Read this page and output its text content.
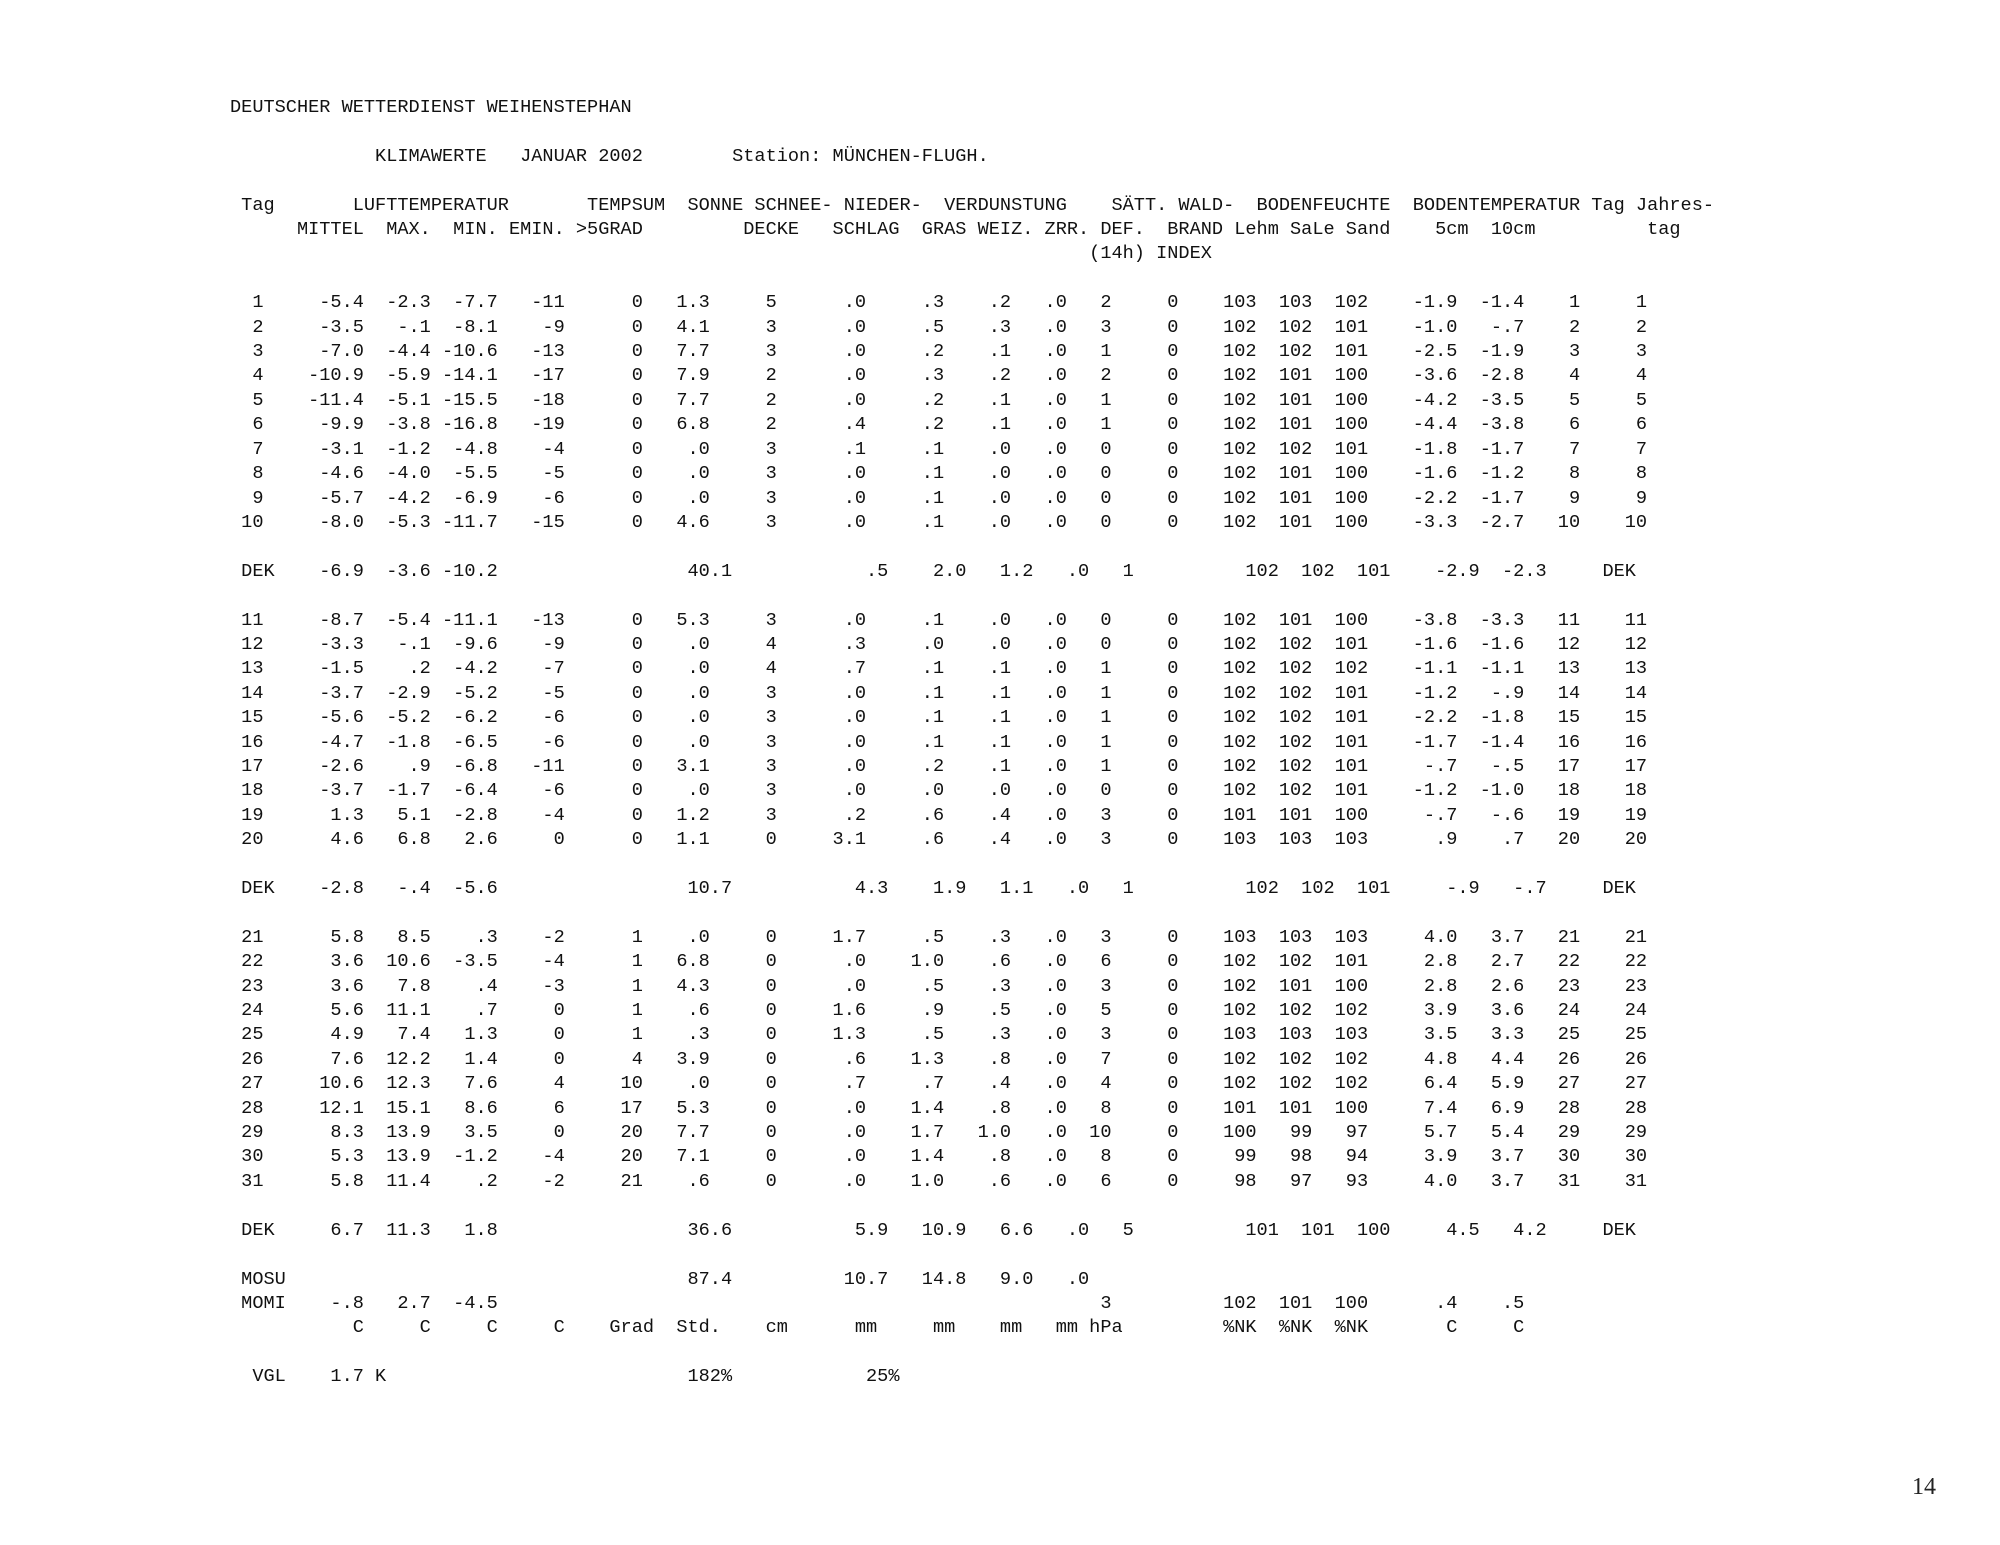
DEUTSCHER WETTERDIENST WEIHENSTEPHAN

KLIMAWERTE   JANUAR 2002        Station: MÜNCHEN-FLUGH.

Tag       LUFTTEMPERATUR       TEMPSUM  SONNE SCHNEE- NIEDER-  VERDUNSTUNG    SÄTT. WALD-  BODENFEUCHTE  BODENTEMPERATUR Tag Jahres-
MITTEL  MAX.  MIN. EMIN. >5GRAD         DECKE   SCHLAG  GRAS WEIZ. ZRR. DEF.  BRAND Lehm SaLe Sand    5cm  10cm          tag
(14h) INDEX

1     -5.4  -2.3  -7.7   -11      0   1.3     5      .0     .3    .2   .0   2     0    103  103  102    -1.9  -1.4    1     1
2     -3.5   -.1  -8.1    -9      0   4.1     3      .0     .5    .3   .0   3     0    102  102  101    -1.0   -.7    2     2
3     -7.0  -4.4 -10.6   -13      0   7.7     3      .0     .2    .1   .0   1     0    102  102  101    -2.5  -1.9    3     3
4    -10.9  -5.9 -14.1   -17      0   7.9     2      .0     .3    .2   .0   2     0    102  101  100    -3.6  -2.8    4     4
5    -11.4  -5.1 -15.5   -18      0   7.7     2      .0     .2    .1   .0   1     0    102  101  100    -4.2  -3.5    5     5
6     -9.9  -3.8 -16.8   -19      0   6.8     2      .4     .2    .1   .0   1     0    102  101  100    -4.4  -3.8    6     6
7     -3.1  -1.2  -4.8    -4      0    .0     3      .1     .1    .0   .0   0     0    102  102  101    -1.8  -1.7    7     7
8     -4.6  -4.0  -5.5    -5      0    .0     3      .0     .1    .0   .0   0     0    102  101  100    -1.6  -1.2    8     8
9     -5.7  -4.2  -6.9    -6      0    .0     3      .0     .1    .0   .0   0     0    102  101  100    -2.2  -1.7    9     9
10     -8.0  -5.3 -11.7   -15      0   4.6     3      .0     .1    .0   .0   0     0    102  101  100    -3.3  -2.7   10    10

DEK    -6.9  -3.6 -10.2                 40.1            .5    2.0   1.2   .0   1          102  102  101    -2.9  -2.3     DEK

11     -8.7  -5.4 -11.1   -13      0   5.3     3      .0     .1    .0   .0   0     0    102  101  100    -3.8  -3.3   11    11
12     -3.3   -.1  -9.6    -9      0    .0     4      .3     .0    .0   .0   0     0    102  102  101    -1.6  -1.6   12    12
13     -1.5    .2  -4.2    -7      0    .0     4      .7     .1    .1   .0   1     0    102  102  102    -1.1  -1.1   13    13
14     -3.7  -2.9  -5.2    -5      0    .0     3      .0     .1    .1   .0   1     0    102  102  101    -1.2   -.9   14    14
15     -5.6  -5.2  -6.2    -6      0    .0     3      .0     .1    .1   .0   1     0    102  102  101    -2.2  -1.8   15    15
16     -4.7  -1.8  -6.5    -6      0    .0     3      .0     .1    .1   .0   1     0    102  102  101    -1.7  -1.4   16    16
17     -2.6    .9  -6.8   -11      0   3.1     3      .0     .2    .1   .0   1     0    102  102  101     -.7   -.5   17    17
18     -3.7  -1.7  -6.4    -6      0    .0     3      .0     .0    .0   .0   0     0    102  102  101    -1.2  -1.0   18    18
19      1.3   5.1  -2.8    -4      0   1.2     3      .2     .6    .4   .0   3     0    101  101  100     -.7   -.6   19    19
20      4.6   6.8   2.6     0      0   1.1     0     3.1     .6    .4   .0   3     0    103  103  103      .9    .7   20    20

DEK    -2.8   -.4  -5.6                 10.7           4.3    1.9   1.1   .0   1          102  102  101     -.9   -.7     DEK

21      5.8   8.5    .3    -2      1    .0     0     1.7     .5    .3   .0   3     0    103  103  103     4.0   3.7   21    21
22      3.6  10.6  -3.5    -4      1   6.8     0      .0    1.0    .6   .0   6     0    102  102  101     2.8   2.7   22    22
23      3.6   7.8    .4    -3      1   4.3     0      .0     .5    .3   .0   3     0    102  101  100     2.8   2.6   23    23
24      5.6  11.1    .7     0      1    .6     0     1.6     .9    .5   .0   5     0    102  102  102     3.9   3.6   24    24
25      4.9   7.4   1.3     0      1    .3     0     1.3     .5    .3   .0   3     0    103  103  103     3.5   3.3   25    25
26      7.6  12.2   1.4     0      4   3.9     0      .6    1.3    .8   .0   7     0    102  102  102     4.8   4.4   26    26
27     10.6  12.3   7.6     4     10    .0     0      .7     .7    .4   .0   4     0    102  102  102     6.4   5.9   27    27
28     12.1  15.1   8.6     6     17   5.3     0      .0    1.4    .8   .0   8     0    101  101  100     7.4   6.9   28    28
29      8.3  13.9   3.5     0     20   7.7     0      .0    1.7   1.0   .0  10     0    100   99   97     5.7   5.4   29    29
30      5.3  13.9  -1.2    -4     20   7.1     0      .0    1.4    .8   .0   8     0     99   98   94     3.9   3.7   30    30
31      5.8  11.4    .2    -2     21    .6     0      .0    1.0    .6   .0   6     0     98   97   93     4.0   3.7   31    31

DEK     6.7  11.3   1.8                 36.6           5.9   10.9   6.6   .0   5          101  101  100     4.5   4.2     DEK

MOSU                                    87.4          10.7   14.8   9.0   .0
MOMI    -.8   2.7  -4.5                                                      3          102  101  100      .4    .5
C     C     C     C    Grad  Std.    cm      mm     mm    mm   mm hPa         %NK  %NK  %NK       C     C

VGL    1.7 K                           182%            25%

14
